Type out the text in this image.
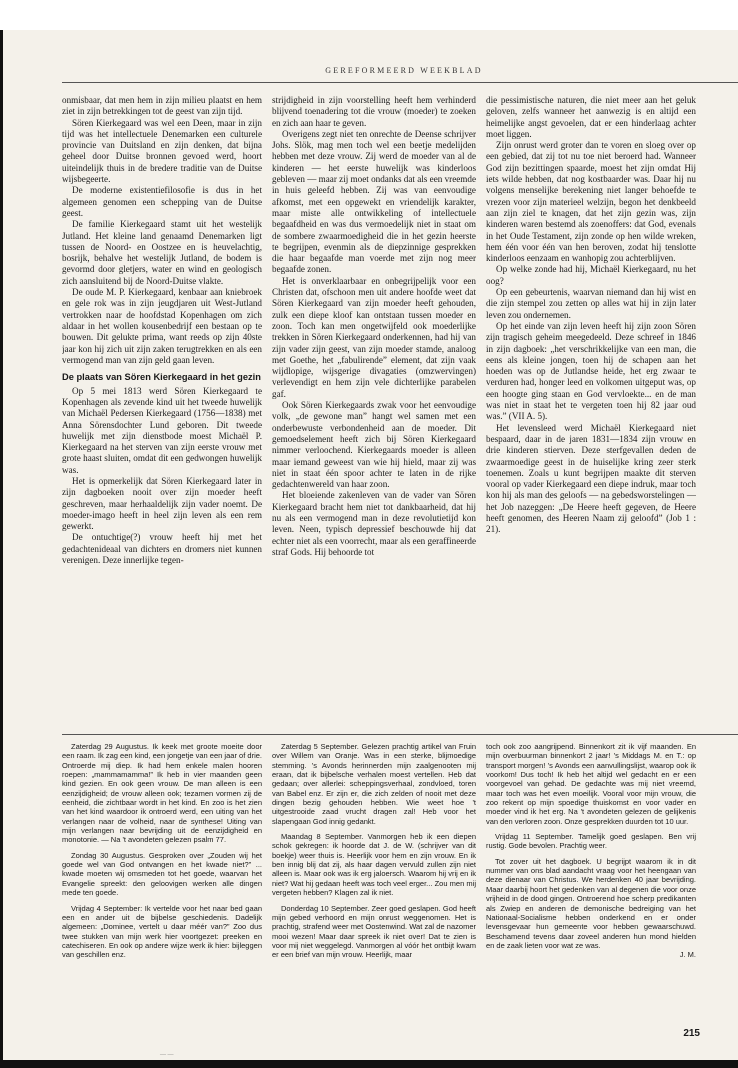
GEREFORMEERD WEEKBLAD

onmisbaar, dat men hem in zijn milieu plaatst en hem ziet in zijn betrekkingen tot de geest van zijn tijd.

Sören Kierkegaard was wel een Deen, maar in zijn tijd was het intellectuele Denemarken een culturele provincie van Duitsland en zijn denken, dat bijna geheel door Duitse bronnen gevoed werd, hoort uiteindelijk thuis in de bredere traditie van de Duitse wijsbegeerte.

De moderne existentiefilosofie is dus in het algemeen genomen een schepping van de Duitse geest.

De familie Kierkegaard stamt uit het westelijk Jutland. Het kleine land genaamd Denemarken ligt tussen de Noord- en Oostzee en is heuvelachtig, bosrijk, behalve het westelijk Jutland, de bodem is gevormd door gletjers, water en wind en geologisch zich aansluitend bij de Noord-Duitse vlakte.

De oude M. P. Kierkegaard, kenbaar aan kniebroek en gele rok was in zijn jeugdjaren uit West-Jutland vertrokken naar de hoofdstad Kopenhagen om zich aldaar in het wollen kousenbedrijf een bestaan op te bouwen. Dit gelukte prima, want reeds op zijn 40ste jaar kon hij zich uit zijn zaken terugtrekken en als een vermogend man van zijn geld gaan leven.

De plaats van Sören Kierkegaard in het gezin

Op 5 mei 1813 werd Sören Kierkegaard te Kopenhagen als zevende kind uit het tweede huwelijk van Michaël Pedersen Kierkegaard (1756—1838) met Anna Sörensdochter Lund geboren. Dit tweede huwelijk met zijn dienstbode moest Michaël P. Kierkegaard na het sterven van zijn eerste vrouw met grote haast sluiten, omdat dit een gedwongen huwelijk was.

Het is opmerkelijk dat Sören Kierkegaard later in zijn dagboeken nooit over zijn moeder heeft geschreven, maar herhaaldelijk zijn vader noemt. De moeder-imago heeft in heel zijn leven als een rem gewerkt.

De ontuchtige(?) vrouw heeft hij met het gedachtenideaal van dichters en dromers niet kunnen verenigen. Deze innerlijke tegen-

strijdigheid in zijn voorstelling heeft hem verhinderd blijvend toenadering tot die vrouw (moeder) te zoeken en zich aan haar te geven.

Overigens zegt niet ten onrechte de Deense schrijver Johs. Slök, mag men toch wel een beetje medelijden hebben met deze vrouw. Zij werd de moeder van al de kinderen — het eerste huwelijk was kinderloos gebleven — maar zij moet ondanks dat als een vreemde in huis geleefd hebben. Zij was van eenvoudige afkomst, met een opgewekt en vriendelijk karakter, maar miste alle ontwikkeling of intellectuele begaafdheid en was dus vermoedelijk niet in staat om de sombere zwaarmoedigheid die in het gezin heerste te begrijpen, evenmin als de diepzinnige gesprekken die haar begaafde man voerde met zijn nog meer begaafde zonen.

Het is onverklaarbaar en onbegrijpelijk voor een Christen dat, ofschoon men uit andere hoofde weet dat Sören Kierkegaard van zijn moeder heeft gehouden, zulk een diepe kloof kan ontstaan tussen moeder en zoon. Toch kan men ongetwijfeld ook moederlijke trekken in Sören Kierkegaard onderkennen, had hij van zijn vader zijn geest, van zijn moeder stamde, analoog met Goethe, het „fabulirende” element, dat zijn vaak wijdlopige, wijsgerige divagaties (omzwervingen) verlevendigt en hem zijn vele dichterlijke parabelen gaf.

Ook Sören Kierkegaards zwak voor het eenvoudige volk, „de gewone man” hangt wel samen met een onderbewuste verbondenheid aan de moeder. Dit gemoedselement heeft zich bij Sören Kierkegaard nimmer verloochend. Kierkegaards moeder is alleen maar iemand geweest van wie hij hield, maar zij was niet in staat één spoor achter te laten in de rijke gedachtenwereld van haar zoon.

Het bloeiende zakenleven van de vader van Sören Kierkegaard bracht hem niet tot dankbaarheid, dat hij nu als een vermogend man in deze revolutietijd kon leven. Neen, typisch depressief beschouwde hij dat echter niet als een voorrecht, maar als een geraffineerde straf Gods. Hij behoorde tot

die pessimistische naturen, die niet meer aan het geluk geloven, zelfs wanneer het aanwezig is en altijd een heimelijke angst gevoelen, dat er een hinderlaag achter moet liggen.

Zijn onrust werd groter dan te voren en sloeg over op een gebied, dat zij tot nu toe niet beroerd had. Wanneer God zijn bezittingen spaarde, moest het zijn omdat Hij iets wilde hebben, dat nog kostbaarder was. Daar hij nu volgens menselijke berekening niet langer behoefde te vrezen voor zijn materieel welzijn, begon het denkbeeld aan zijn ziel te knagen, dat het zijn gezin was, zijn kinderen waren bestemd als zoenoffers: dat God, evenals in het Oude Testament, zijn zonde op hen wilde wreken, hem één voor één van hen beroven, zodat hij tenslotte kinderloos eenzaam en wanhopig zou achterblijven.

Op welke zonde had hij, Michaël Kierkegaard, nu het oog?

Op een gebeurtenis, waarvan niemand dan hij wist en die zijn stempel zou zetten op alles wat hij in zijn later leven zou ondernemen.

Op het einde van zijn leven heeft hij zijn zoon Sören zijn tragisch geheim meegedeeld. Deze schreef in 1846 in zijn dagboek: „het verschrikkelijke van een man, die eens als kleine jongen, toen hij de schapen aan het hoeden was op de Jutlandse heide, het erg zwaar te verduren had, honger leed en volkomen uitgeput was, op een hoogte ging staan en God vervloekte... en de man was niet in staat het te vergeten toen hij 82 jaar oud was.” (VII A. 5).

Het levensleed werd Michaël Kierkegaard niet bespaard, daar in de jaren 1831—1834 zijn vrouw en drie kinderen stierven. Deze sterfgevallen deden de zwaarmoedige geest in de huiselijke kring zeer sterk toenemen. Zoals u kunt begrijpen maakte dit sterven vooral op vader Kierkegaard een diepe indruk, maar toch kon hij als man des geloofs — na gebedsworstelingen — het Job nazeggen: „De Heere heeft gegeven, de Heere heeft genomen, des Heeren Naam zij geloofd” (Job 1 : 21).

Zaterdag 29 Augustus. Ik keek met groote moeite door een raam. Ik zag een kind, een jongetje van een jaar of drie. Ontroerde mij diep. Ik had hem enkele malen hooren roepen: „mammamamma!” Ik heb in vier maanden geen kind gezien. En ook geen vrouw. De man alleen is een eenzijdigheid; de vrouw alleen ook; tezamen vormen zij de eenheid, die zichtbaar wordt in het kind. En zoo is het zien van het kind waardoor ik ontroerd werd, een uiting van het verlangen naar de volheid, naar de synthese! Uiting van mijn verlangen naar bevrijding uit de eenzijdigheid en monotonie. — Na 't avondeten gelezen psalm 77.

Zondag 30 Augustus. Gesproken over „Zouden wij het goede wel van God ontvangen en het kwade niet?” ... kwade moeten wij omsmeden tot het goede, waarvan het Evangelie spreekt: den geloovigen werken alle dingen mede ten goede.

Vrijdag 4 September: Ik vertelde voor het naar bed gaan een en ander uit de bijbelse geschiedenis. Dadelijk algemeen: „Dominee, vertelt u daar méér van?” Zoo dus twee stukken van mijn werk hier voortgezet: preeken en catechiseren. En ook op andere wijze werk ik hier: bijleggen van geschillen enz.

Zaterdag 5 September. Gelezen prachtig artikel van Fruin over Willem van Oranje. Was in een sterke, blijmoedige stemming. 's Avonds herinnerden mijn zaalgenooten mij eraan, dat ik bijbelsche verhalen moest vertellen. Heb dat gedaan; over allerlei: scheppingsverhaal, zondvloed, toren van Babel enz. Er zijn er, die zich zelden of nooit met deze dingen bezig gehouden hebben. Wie weet hoe 't uitgestrooide zaad vrucht dragen zal! Heb voor het slapengaan God innig gedankt.

Maandag 8 September. Vanmorgen heb ik een diepen schok gekregen: ik hoorde dat J. de W. (schrijver van dit boekje) weer thuis is. Heerlijk voor hem en zijn vrouw. En ik ben innig blij dat zij, als haar dagen vervuld zullen zijn niet alleen is. Maar ook was ik erg jaloersch. Waarom hij vrij en ik niet? Wat hij gedaan heeft was toch veel erger... Zou men mij vergeten hebben? Klagen zal ik niet.

Donderdag 10 September. Zeer goed geslapen. God heeft mijn gebed verhoord en mijn onrust weggenomen. Het is prachtig, strafend weer met Oostenwind. Wat zal de nazomer mooi wezen! Maar daar spreek ik niet over! Dat te zien is voor mij niet weggelegd. Vanmorgen al vóór het ontbijt kwam er een brief van mijn vrouw. Heerlijk, maar

toch ook zoo aangrijpend. Binnenkort zit ik vijf maanden. En mijn overbuurman binnenkort 2 jaar! 's Middags M. en T.: op transport morgen! 's Avonds een aanvullingslijst, waarop ook ik voorkom! Dus toch! Ik heb het altijd wel gedacht en er een voorgevoel van gehad. De gedachte was mij niet vreemd, maar toch was het even moeilijk. Vooral voor mijn vrouw, die zoo rekent op mijn spoedige thuiskomst en voor vader en moeder vind ik het erg. Na 't avondeten gelezen de gelijkenis van den verloren zoon. Onze gesprekken duurden tot 10 uur.

Vrijdag 11 September. Tamelijk goed geslapen. Ben vrij rustig. Gode bevolen. Prachtig weer.

Tot zover uit het dagboek. U begrijpt waarom ik in dit nummer van ons blad aandacht vraag voor het heengaan van deze dienaar van Christus. We herdenken 40 jaar bevrijding. Maar daarbij hoort het gedenken van al degenen die voor onze vrijheid in de dood gingen. Ontroerend hoe scherp predikanten als Zwiep en anderen de demonische bedreiging van het Nationaal-Socialisme hebben onderkend en er onder levensgevaar hun gemeente voor hebben gewaarschuwd. Beschamend tevens daar zoveel anderen hun mond hielden en de zaak lieten voor wat ze was.

J. M.
215
— —
